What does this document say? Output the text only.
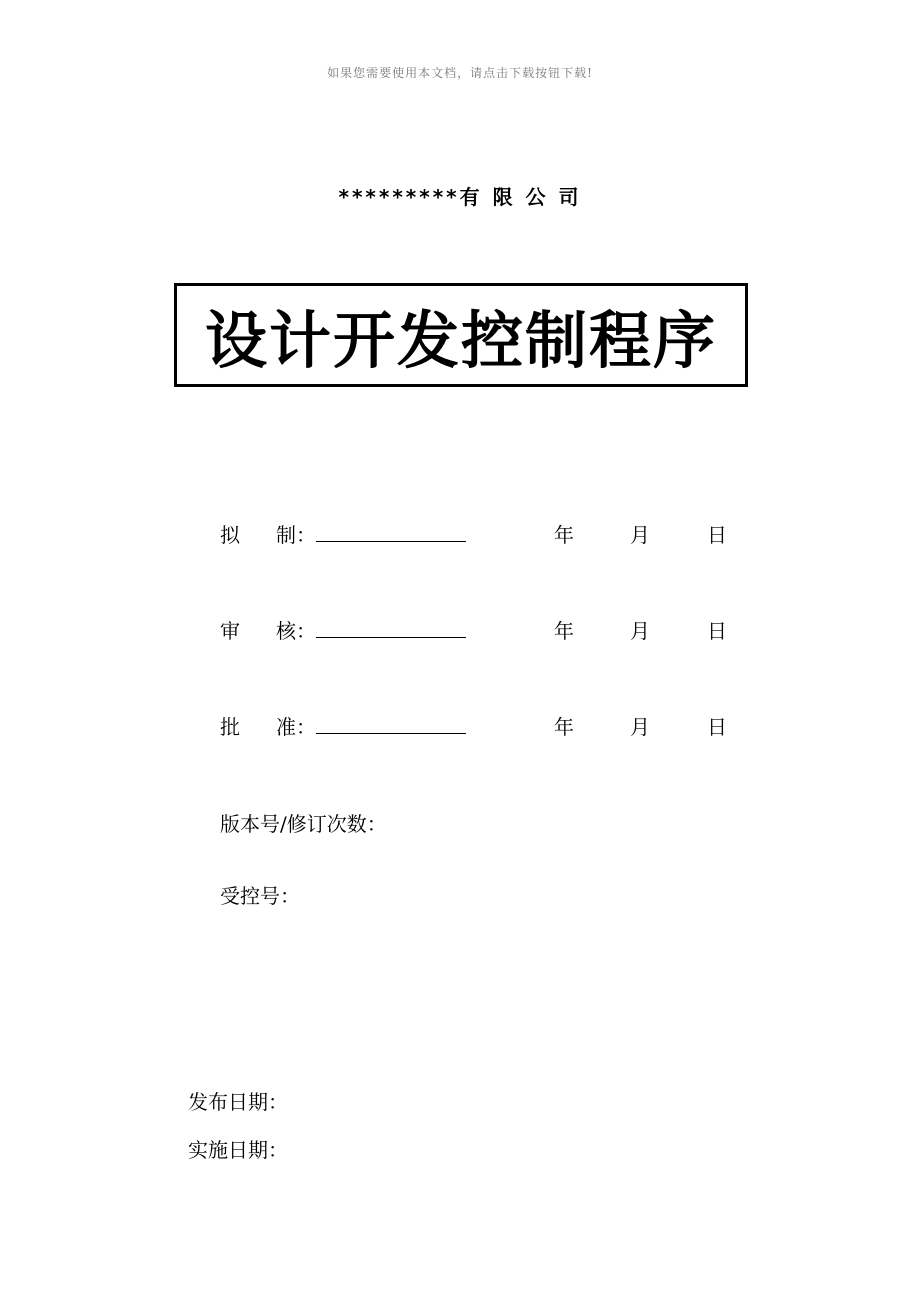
如果您需要使用本文档，请点击下载按钮下载!
*********有 限 公 司
设计开发控制程序
拟 制：	年	月	日
审 核：	年	月	日
批 准：	年	月	日
版本号/修订次数：
受控号：
发布日期：
实施日期：
